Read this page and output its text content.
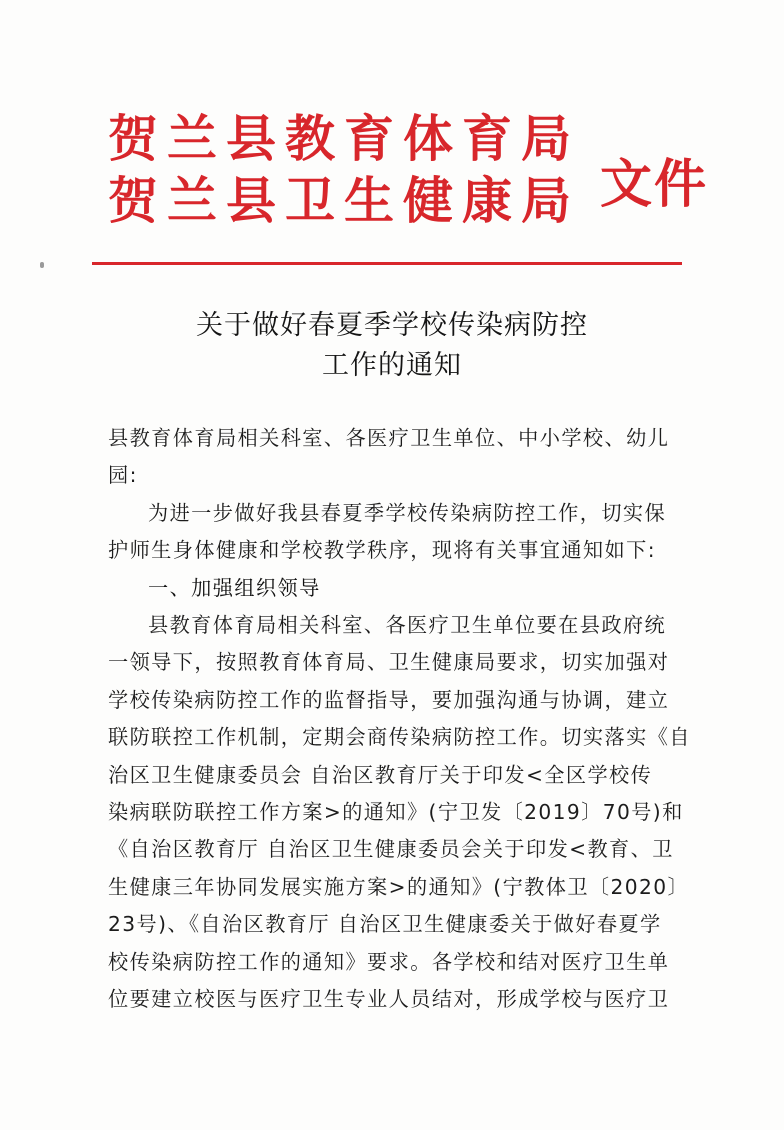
贺兰县教育体育局
贺兰县卫生健康局 文件
关于做好春夏季学校传染病防控
工作的通知

县教育体育局相关科室、各医疗卫生单位、中小学校、幼儿
园:

为进一步做好我县春夏季学校传染病防控工作，切实保
护师生身体健康和学校教学秩序，现将有关事宜通知如下:

一、加强组织领导

县教育体育局相关科室、各医疗卫生单位要在县政府统
一领导下，按照教育体育局、卫生健康局要求，切实加强对
学校传染病防控工作的监督指导，要加强沟通与协调，建立
联防联控工作机制，定期会商传染病防控工作。切实落实《自
治区卫生健康委员会 自治区教育厅关于印发<全区学校传
染病联防联控工作方案>的通知》(宁卫发〔2019〕70号)和
《自治区教育厅 自治区卫生健康委员会关于印发<教育、卫
生健康三年协同发展实施方案>的通知》(宁教体卫〔2020〕
23号)、《自治区教育厅 自治区卫生健康委关于做好春夏学
校传染病防控工作的通知》要求。各学校和结对医疗卫生单
位要建立校医与医疗卫生专业人员结对，形成学校与医疗卫
